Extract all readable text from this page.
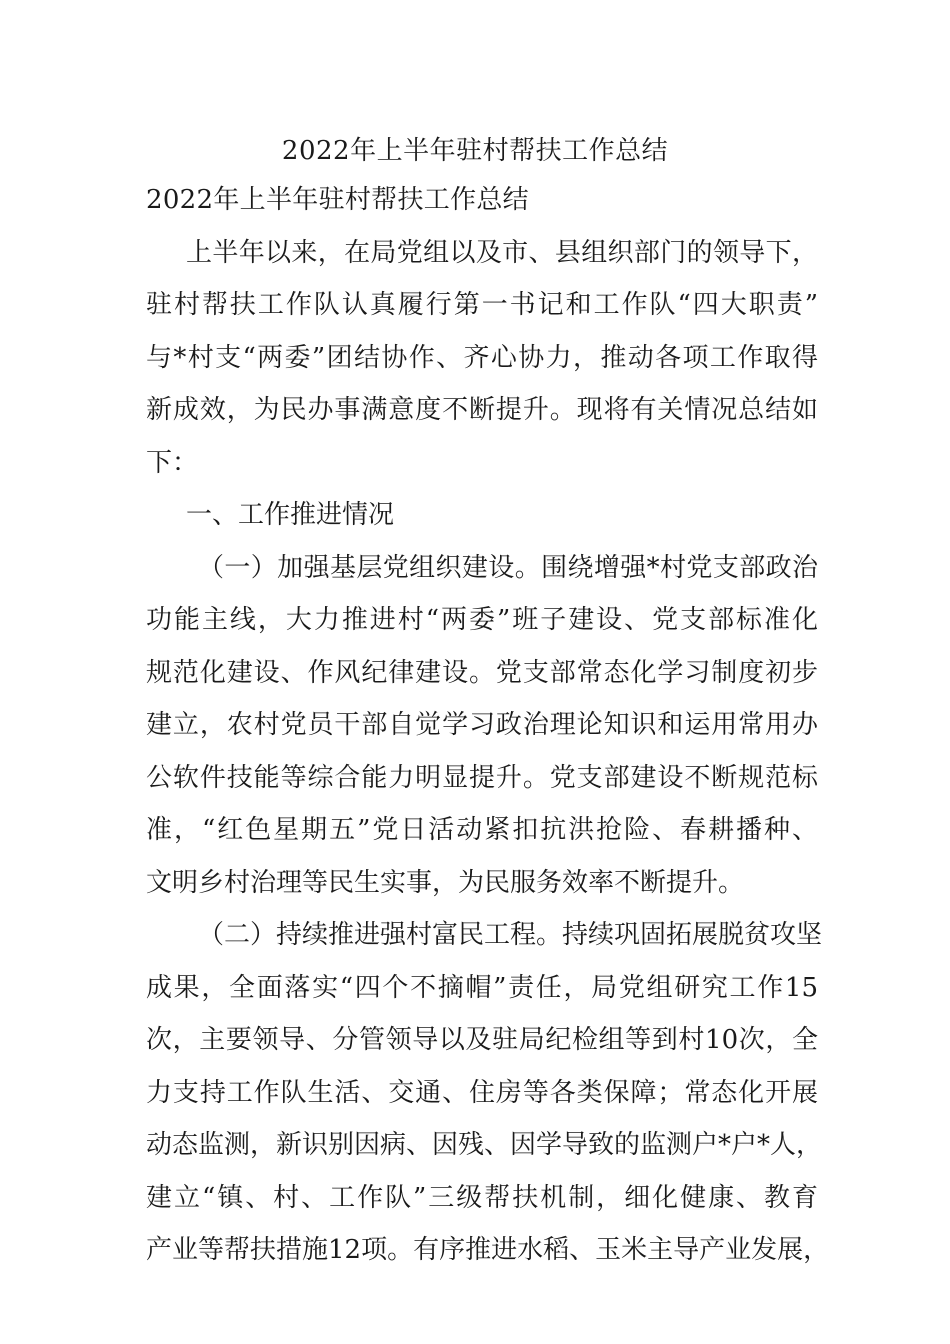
2022年上半年驻村帮扶工作总结

2022年上半年驻村帮扶工作总结

上半年以来，在局党组以及市、县组织部门的领导下，

驻村帮扶工作队认真履行第一书记和工作队“四大职责”

与*村支“两委”团结协作、齐心协力，推动各项工作取得

新成效，为民办事满意度不断提升。现将有关情况总结如

下：

一、工作推进情况

（一）加强基层党组织建设。围绕增强*村党支部政治

功能主线，大力推进村“两委”班子建设、党支部标准化

规范化建设、作风纪律建设。党支部常态化学习制度初步

建立，农村党员干部自觉学习政治理论知识和运用常用办

公软件技能等综合能力明显提升。党支部建设不断规范标

准，“红色星期五”党日活动紧扣抗洪抢险、春耕播种、

文明乡村治理等民生实事，为民服务效率不断提升。

（二）持续推进强村富民工程。持续巩固拓展脱贫攻坚

成果，全面落实“四个不摘帽”责任，局党组研究工作15

次，主要领导、分管领导以及驻局纪检组等到村10次，全

力支持工作队生活、交通、住房等各类保障；常态化开展

动态监测，新识别因病、因残、因学导致的监测户*户*人，

建立“镇、村、工作队”三级帮扶机制，细化健康、教育

产业等帮扶措施12项。有序推进水稻、玉米主导产业发展，
